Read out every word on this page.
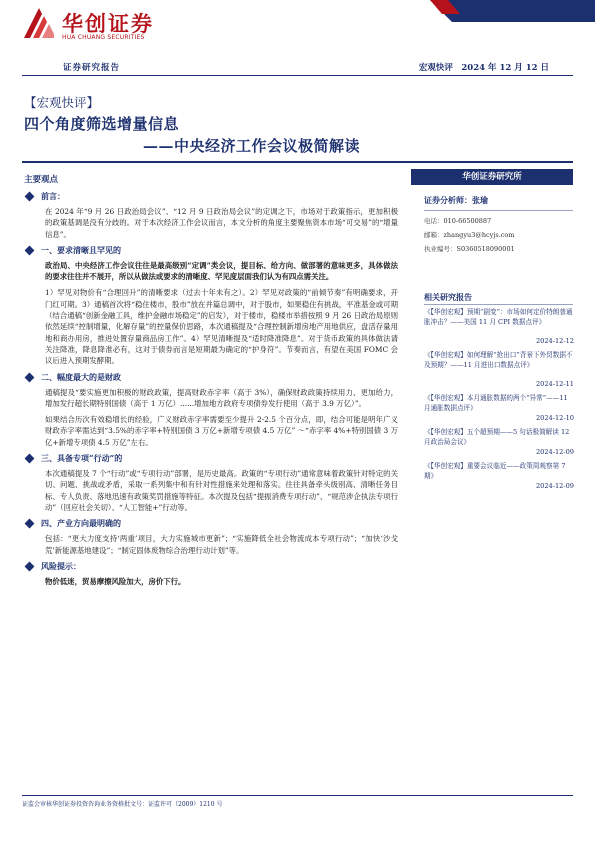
华创证券
HUA CHUANG SECURITIES
证券研究报告	宏观快评　2024 年 12 月 12 日
【宏观快评】
四个角度筛选增量信息
——中央经济工作会议极简解读
主要观点
前言：

在 2024 年“9 月 26 日政治局会议”、“12 月 9 日政治局会议”的定调之下，市场对于政策指示，更加积极的政策基调是没有分歧的。对于本次经济工作会议而言，本文分析的角度主要聚焦资本市场“可交易”的“增量信息”。

一、要求清晰且罕见的

政治局、中央经济工作会议往往是最高级别“定调”类会议，提目标、给方向、做部署的意味更多，具体做法的要求往往并不展开，所以从做法或要求的清晰度、罕见度层面我们认为有四点需关注。

1）罕见对物价有“合理回升”的清晰要求（过去十年未有之）。2）罕见对政策的“前倾节奏”有明确要求，开门红可期。3）通稿首次将“稳住楼市，股市”放在并篇总调中，对于股市，如果稳住有挑战，平准基金或可期（结合通稿“创新金融工具，维护金融市场稳定”的启发），对于楼市，稳楼市举措按照 9 月 26 日政治局原则依然延续“控制增量，化解存量”的控量保价思路，本次通稿提及“合理控制新增房地产用地供应，盘活存量用地和商办用房，推进处置存量商品房工作”。4）罕见清晰提及“适时降准降息”。对于货币政策的具体做法请关注降准，降息降准必有，这对于债券而言是短期最为确定的“护身符”。节奏而言，有望在美国 FOMC 会议后进入预期发酵期。

二、幅度最大的是财政

通稿提及“要实施更加积极的财政政策，提高财政赤字率（高于 3%），确保财政政策持续用力、更加给力，增加发行超长期特别国债（高于 1 万亿）......增加地方政府专项债券发行使用（高于 3.9 万亿）”。

如果结合历次有效稳增长的经验，广义财政赤字率需要至少提升 2-2.5 个百分点，即，结合可能是明年广义财政赤字率需达到“3.5%的赤字率+特别国债 3 万亿+新增专项债 4.5 万亿” ～“赤字率 4%+特别国债 3 万亿+新增专项债 4.5 万亿”左右。

三、具备专项“行动”的

本次通稿提及 7 个“行动”或“专项行动”部署，是历史最高。政策的“专项行动”通常意味着政策针对特定的关切、问题、挑战或矛盾，采取一系列集中和有针对性措施来处理和落实。往往具备牵头级别高、清晰任务目标、专人负责、落地迅速有政策奖罚措施等特征。本次提及包括“提振消费专项行动”、“规范涉企执法专项行动”（回应社会关切）、“人工智能+”行动等。

四、产业方向最明确的

包括：“更大力度支持‘两重’项目，大力实施城市更新”；“实施降低全社会物流成本专项行动”；“加快‘沙戈荒’新能源基地建设”；“制定固体废物综合治理行动计划”等。

风险提示：

物价低迷，贸易摩擦风险加大，房价下行。

华创证券研究所
证券分析师：张瑜
电话：010-66500887
邮箱：zhangyu3@hcyjs.com
执业编号：S0360518090001
相关研究报告
《【华创宏观】预期“剧变”：市场如何定价特朗普通胀冲击？——美国 11 月 CPI 数据点评》
2024-12-12
《【华创宏观】如何理解“抢出口”背景下外贸数据不及预期？——11 月进出口数据点评》
2024-12-11
《【华创宏观】本月通胀数据的两个“异常”——11 月通胀数据点评》
2024-12-10
《【华创宏观】五个超预期——5 句话极简解读 12 月政治局会议》
2024-12-09
《【华创宏观】重要会议临近——政策周观察第 7 期》
2024-12-09
证监会审核华创证券投资咨询业务资格批文号：证监许可（2009）1210 号
